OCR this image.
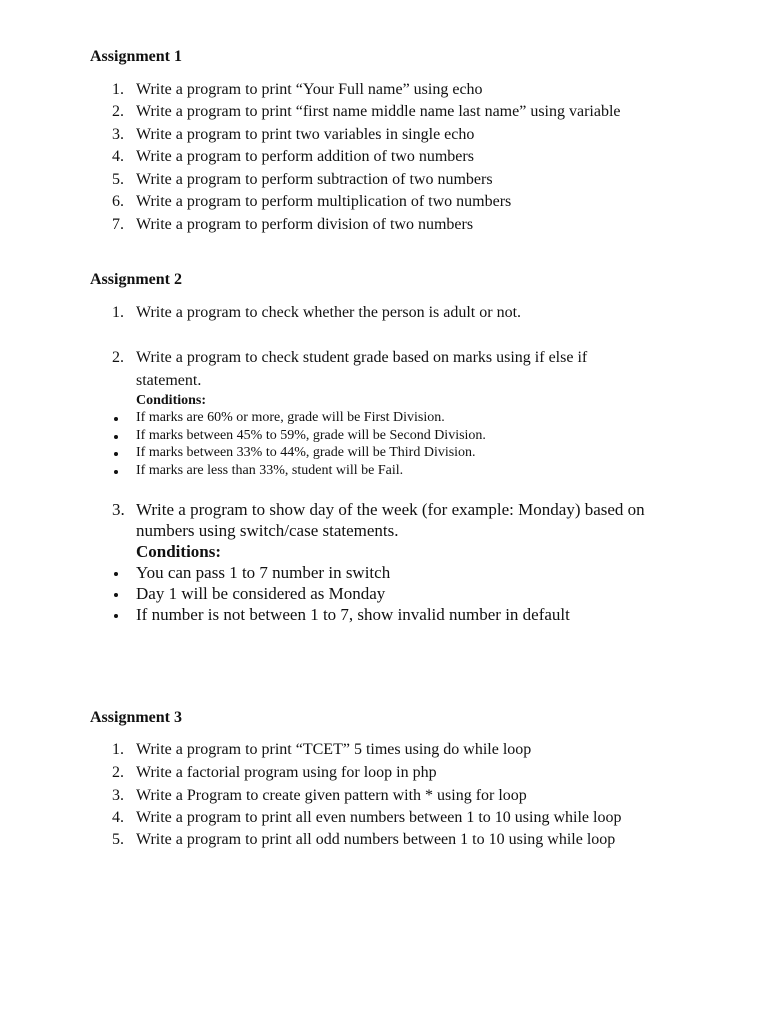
Assignment 1
1. Write a program to print “Your Full name” using echo
2. Write a program to print “first name middle name last name” using variable
3. Write a program to print two variables in single echo
4. Write a program to perform addition of two numbers
5. Write a program to perform subtraction of two numbers
6. Write a program to perform multiplication of two numbers
7. Write a program to perform division of two numbers
Assignment 2
1. Write a program to check whether the person is adult or not.
2. Write a program to check student grade based on marks using if else if
statement.
Conditions:
If marks are 60% or more, grade will be First Division.
If marks between 45% to 59%, grade will be Second Division.
If marks between 33% to 44%, grade will be Third Division.
If marks are less than 33%, student will be Fail.
3. Write a program to show day of the week (for example: Monday) based on
numbers using switch/case statements.
Conditions:
You can pass 1 to 7 number in switch
Day 1 will be considered as Monday
If number is not between 1 to 7, show invalid number in default
Assignment 3
1. Write a program to print “TCET” 5 times using do while loop
2. Write a factorial program using for loop in php
3. Write a Program to create given pattern with * using for loop
4. Write a program to print all even numbers between 1 to 10 using while loop
5. Write a program to print all odd numbers between 1 to 10 using while loop
